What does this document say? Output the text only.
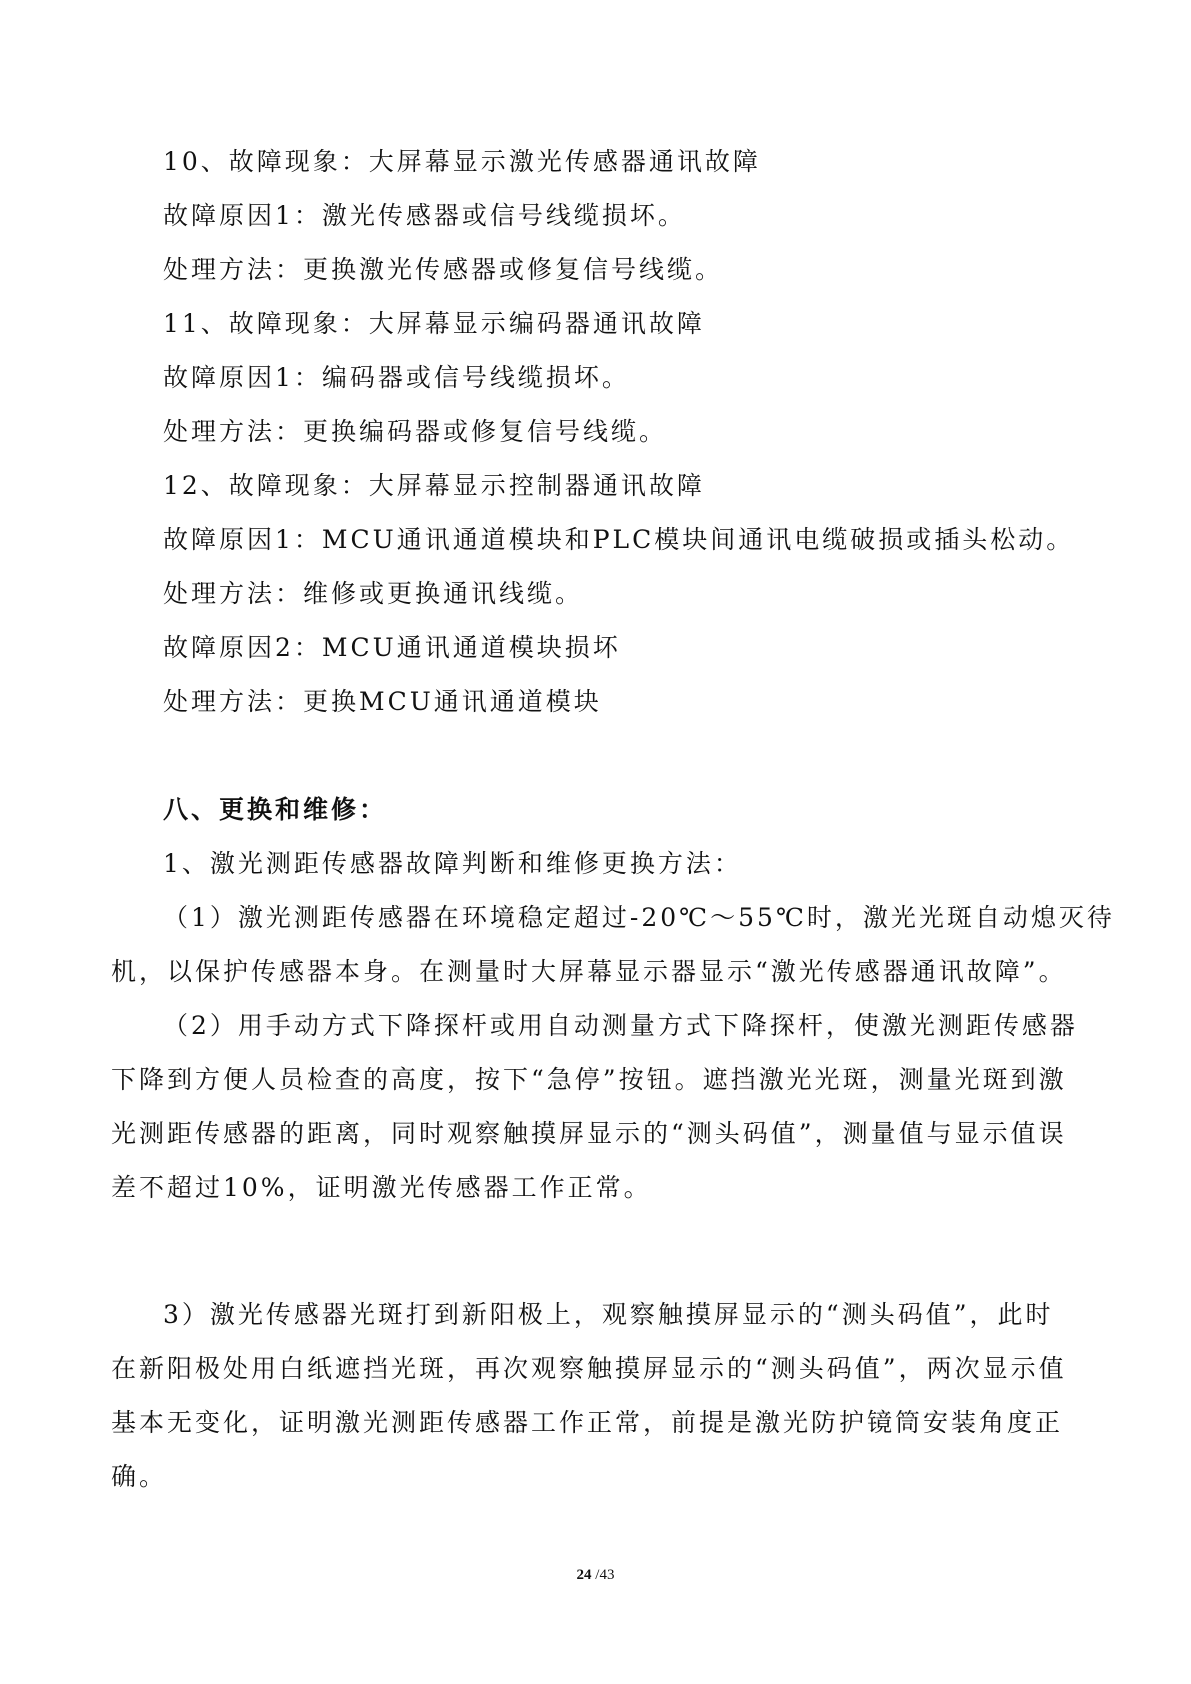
10、故障现象：大屏幕显示激光传感器通讯故障
故障原因1：激光传感器或信号线缆损坏。
处理方法：更换激光传感器或修复信号线缆。
11、故障现象：大屏幕显示编码器通讯故障
故障原因1：编码器或信号线缆损坏。
处理方法：更换编码器或修复信号线缆。
12、故障现象：大屏幕显示控制器通讯故障
故障原因1：MCU通讯通道模块和PLC模块间通讯电缆破损或插头松动。
处理方法：维修或更换通讯线缆。
故障原因2：MCU通讯通道模块损坏
处理方法：更换MCU通讯通道模块
八、更换和维修：
1、激光测距传感器故障判断和维修更换方法：
（1）激光测距传感器在环境稳定超过-20℃～55℃时，激光光斑自动熄灭待
机，以保护传感器本身。在测量时大屏幕显示器显示“激光传感器通讯故障”。
（2）用手动方式下降探杆或用自动测量方式下降探杆，使激光测距传感器
下降到方便人员检查的高度，按下“急停”按钮。遮挡激光光斑，测量光斑到激
光测距传感器的距离，同时观察触摸屏显示的“测头码值”，测量值与显示值误
差不超过10%，证明激光传感器工作正常。
3）激光传感器光斑打到新阳极上，观察触摸屏显示的“测头码值”，此时
在新阳极处用白纸遮挡光斑，再次观察触摸屏显示的“测头码值”，两次显示值
基本无变化，证明激光测距传感器工作正常，前提是激光防护镜筒安装角度正
确。
24 /43
